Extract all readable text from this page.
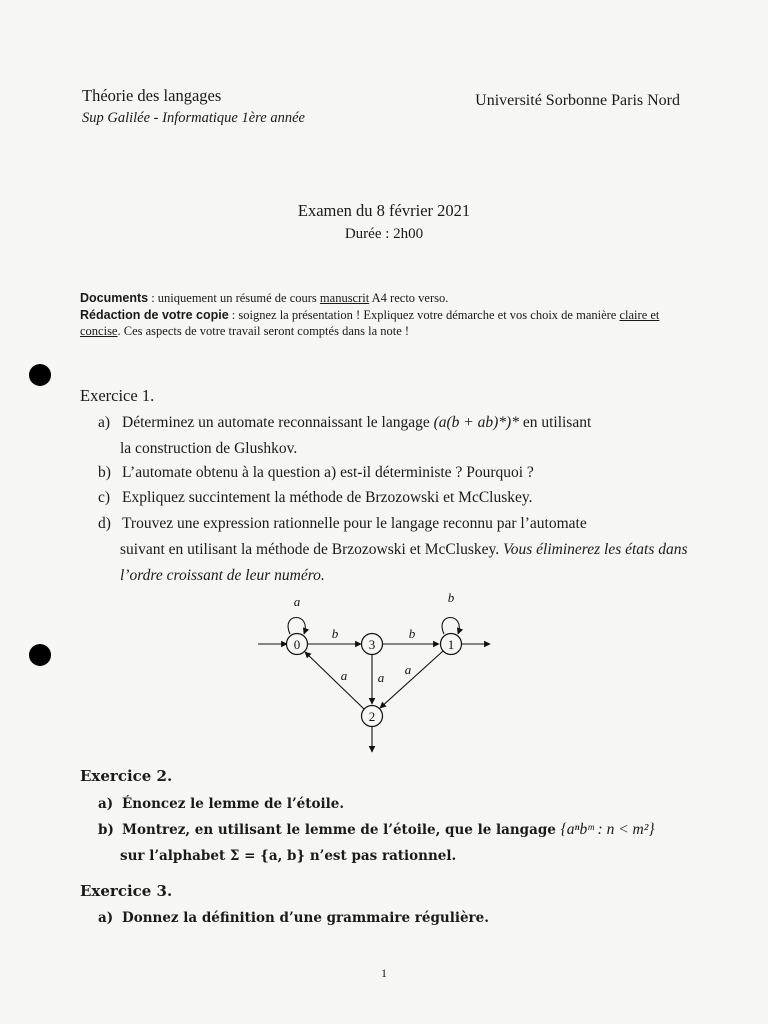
Théorie des langages
Sup Galilée - Informatique 1ère année
Université Sorbonne Paris Nord
Examen du 8 février 2021
Durée : 2h00
Documents : uniquement un résumé de cours manuscrit A4 recto verso.
Rédaction de votre copie : soignez la présentation ! Expliquez votre démarche et vos choix de manière claire et concise. Ces aspects de votre travail seront comptés dans la note !
Exercice 1.
a) Déterminez un automate reconnaissant le langage (a(b + ab)*)* en utilisant
la construction de Glushkov.
b) L’automate obtenu à la question a) est-il déterministe ? Pourquoi ?
c) Expliquez succintement la méthode de Brzozowski et McCluskey.
d) Trouvez une expression rationnelle pour le langage reconnu par l’automate
suivant en utilisant la méthode de Brzozowski et McCluskey. Vous éliminerez les états dans l’ordre croissant de leur numéro.
0	3	1
2
a	b
b	b
a a
a
Exercice 2.
a) Énoncez le lemme de l’étoile.
b) Montrez, en utilisant le lemme de l’étoile, que le langage {aⁿbᵐ : n < m²}
sur l’alphabet Σ = {a, b} n’est pas rationnel.
Exercice 3.
a) Donnez la définition d’une grammaire régulière.
1
